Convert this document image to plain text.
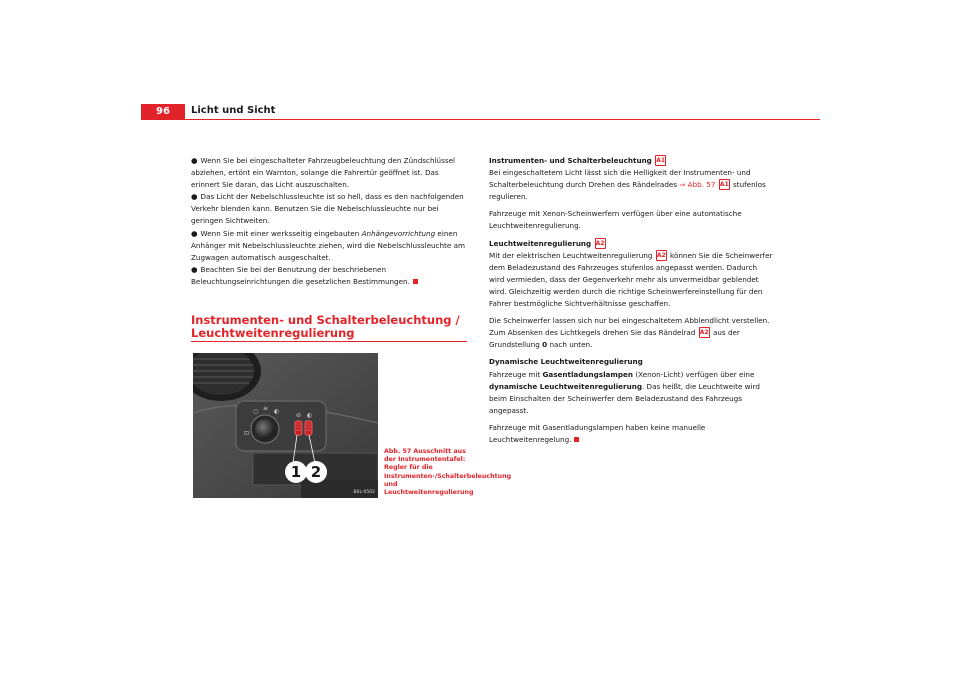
96	Licht und Sicht

● Wenn Sie bei eingeschalteter Fahrzeugbeleuchtung den Zündschlüssel abziehen, ertönt ein Warnton, solange die Fahrertür geöffnet ist. Das erinnert Sie daran, das Licht auszuschalten.

● Das Licht der Nebelschlussleuchte ist so hell, dass es den nachfolgenden Verkehr blenden kann. Benutzen Sie die Nebelschlussleuchte nur bei geringen Sichtweiten.

● Wenn Sie mit einer werksseitig eingebauten Anhängevorrichtung einen Anhänger mit Nebelschlussleuchte ziehen, wird die Nebelschlussleuchte am Zugwagen automatisch ausgeschaltet.

● Beachten Sie bei der Benutzung der beschriebenen Beleuchtungseinrichtungen die gesetzlichen Bestimmungen.

Instrumenten- und Schalterbeleuchtung /
Leuchtweitenregulierung
○ ≡ ◐
⊡
⊘ ◐
1 2
B6L-0502
Abb. 57 Ausschnitt aus der Instrumententafel: Regler für die Instrumenten-/Schalterbeleuchtung und Leuchtweitenregulierung

Instrumenten- und Schalterbeleuchtung A1

Bei eingeschaltetem Licht lässt sich die Helligkeit der Instrumenten- und Schalterbeleuchtung durch Drehen des Rändelrades ⇒ Abb. 57 A1 stufenlos regulieren.

Fahrzeuge mit Xenon-Scheinwerfern verfügen über eine automatische Leuchtweitenregulierung.

Leuchtweitenregulierung A2

Mit der elektrischen Leuchtweitenregulierung A2 können Sie die Scheinwerfer dem Beladezustand des Fahrzeuges stufenlos angepasst werden. Dadurch wird vermieden, dass der Gegenverkehr mehr als unvermeidbar geblendet wird. Gleichzeitig werden durch die richtige Scheinwerfereinstellung für den Fahrer bestmögliche Sichtverhältnisse geschaffen.

Die Scheinwerfer lassen sich nur bei eingeschaltetem Abblendlicht verstellen. Zum Absenken des Lichtkegels drehen Sie das Rändelrad A2 aus der Grundstellung 0 nach unten.

Dynamische Leuchtweitenregulierung

Fahrzeuge mit Gasentladungslampen (Xenon-Licht) verfügen über eine dynamische Leuchtweitenregulierung. Das heißt, die Leuchtweite wird beim Einschalten der Scheinwerfer dem Beladezustand des Fahrzeugs angepasst.

Fahrzeuge mit Gasentladungslampen haben keine manuelle Leuchtweitenregelung.
